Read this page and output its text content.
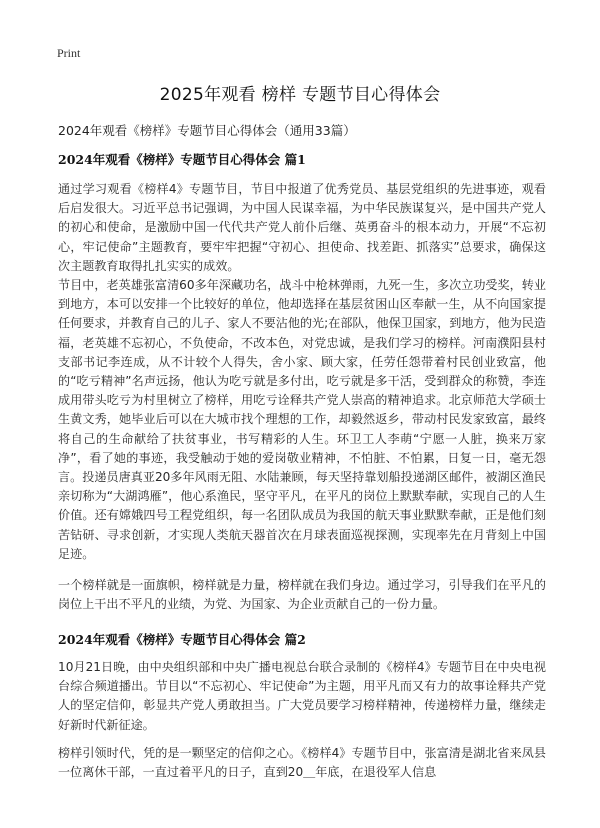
Print
2025年观看 榜样 专题节目心得体会
2024年观看《榜样》专题节目心得体会（通用33篇）
2024年观看《榜样》专题节目心得体会 篇1

通过学习观看《榜样4》专题节目，节目中报道了优秀党员、基层党组织的先进事迹，观看后启发很大。习近平总书记强调，为中国人民谋幸福，为中华民族谋复兴，是中国共产党人的初心和使命，是激励中国一代代共产党人前仆后继、英勇奋斗的根本动力，开展“不忘初心，牢记使命”主题教育，要牢牢把握“守初心、担使命、找差距、抓落实”总要求，确保这次主题教育取得扎扎实实的成效。

节目中，老英雄张富清60多年深藏功名，战斗中枪林弹雨，九死一生，多次立功受奖，转业到地方，本可以安排一个比较好的单位，他却选择在基层贫困山区奉献一生，从不向国家提任何要求，并教育自己的儿子、家人不要沾他的光;在部队，他保卫国家，到地方，他为民造福，老英雄不忘初心，不负使命，不改本色，对党忠诚，是我们学习的榜样。河南濮阳县村支部书记李连成，从不计较个人得失，舍小家、顾大家，任劳任怨带着村民创业致富，他的“吃亏精神”名声远扬，他认为吃亏就是多付出，吃亏就是多干活，受到群众的称赞，李连成用带头吃亏为村里树立了榜样，用吃亏诠释共产党人崇高的精神追求。北京师范大学硕士生黄文秀，她毕业后可以在大城市找个理想的工作，却毅然返乡，带动村民发家致富，最终将自己的生命献给了扶贫事业，书写精彩的人生。环卫工人李萌“宁愿一人脏，换来万家净”，看了她的事迹，我受触动于她的爱岗敬业精神，不怕脏、不怕累，日复一日，毫无怨言。投递员唐真亚20多年风雨无阻、水陆兼顾，每天坚持靠划船投递湖区邮件，被湖区渔民亲切称为“大湖鸿雁”，他心系渔民，坚守平凡，在平凡的岗位上默默奉献，实现自己的人生价值。还有嫦娥四号工程党组织，每一名团队成员为我国的航天事业默默奉献，正是他们刻苦钻研、寻求创新，才实现人类航天器首次在月球表面巡视探测，实现率先在月背刻上中国足迹。

一个榜样就是一面旗帜，榜样就是力量，榜样就在我们身边。通过学习，引导我们在平凡的岗位上干出不平凡的业绩，为党、为国家、为企业贡献自己的一份力量。

2024年观看《榜样》专题节目心得体会 篇2

10月21日晚，由中央组织部和中央广播电视总台联合录制的《榜样4》专题节目在中央电视台综合频道播出。节目以“不忘初心、牢记使命”为主题，用平凡而又有力的故事诠释共产党人的坚定信仰，彰显共产党人勇敢担当。广大党员要学习榜样精神，传递榜样力量，继续走好新时代新征途。

榜样引领时代，凭的是一颗坚定的信仰之心。《榜样4》专题节目中，张富清是湖北省来凤县一位离休干部，一直过着平凡的日子，直到20＿年底，在退役军人信息
